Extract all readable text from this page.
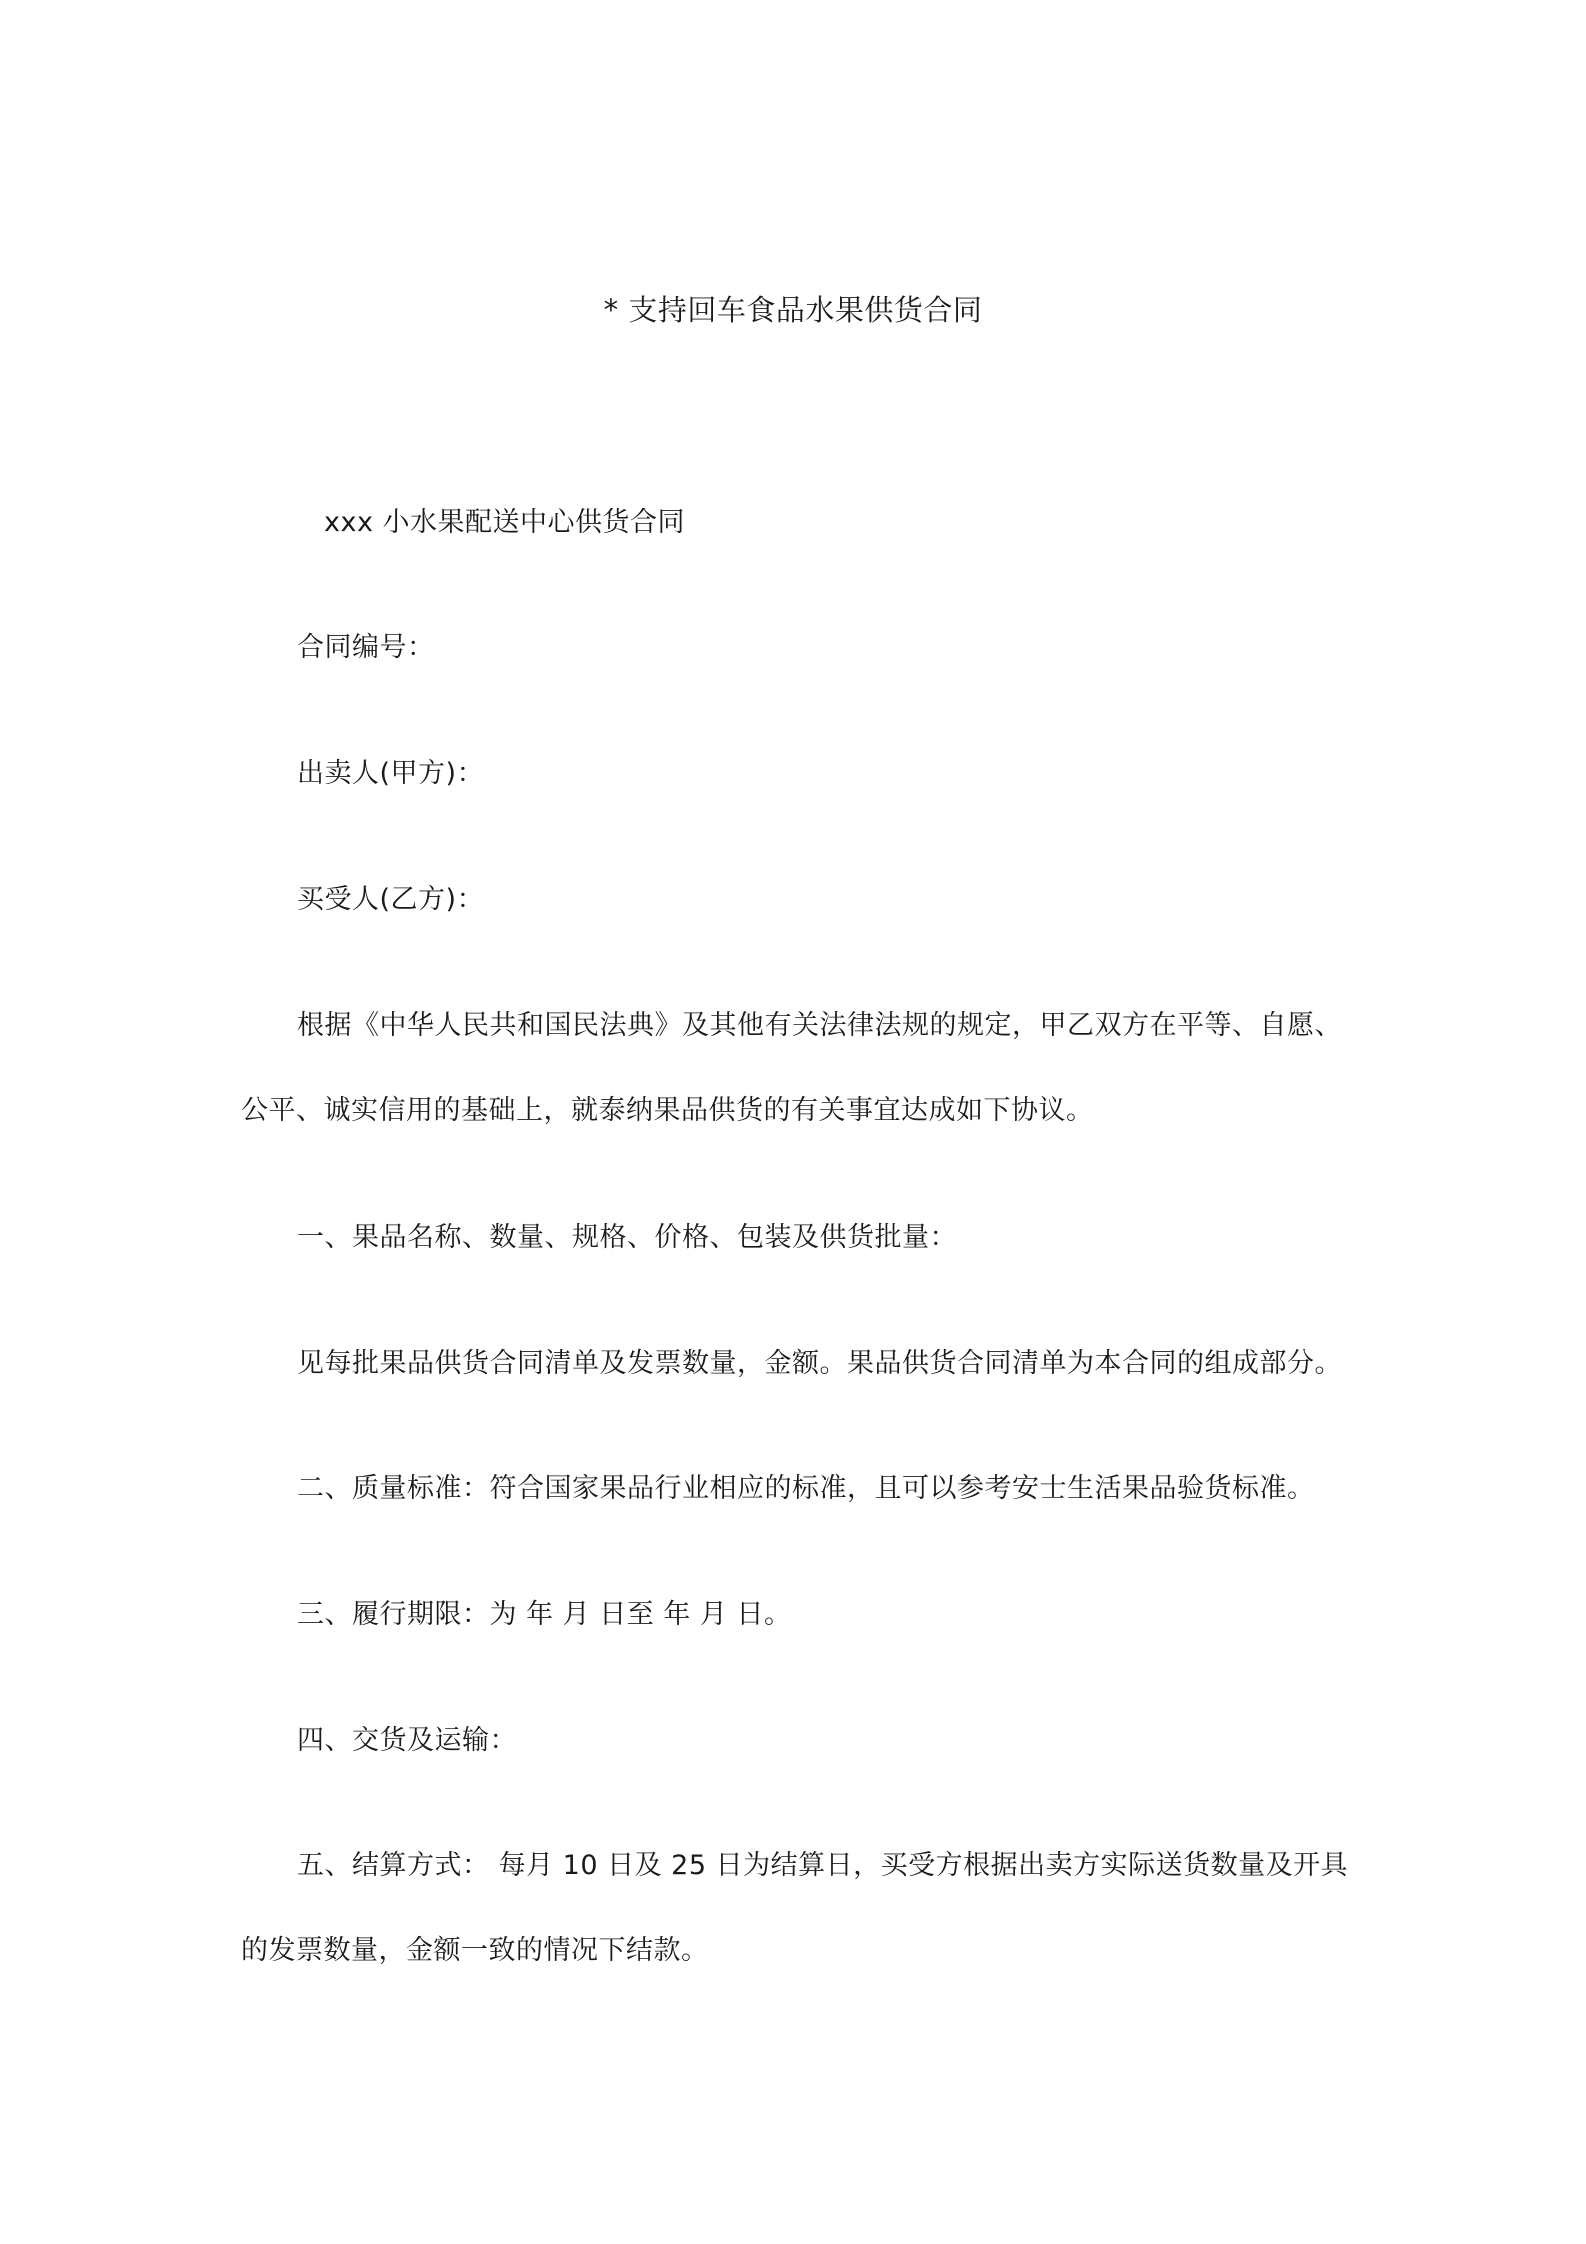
* 支持回车食品水果供货合同
xxx 小水果配送中心供货合同
合同编号：
出卖人(甲方)：
买受人(乙方)：
根据《中华人民共和国民法典》及其他有关法律法规的规定，甲乙双方在平等、自愿、
公平、诚实信用的基础上，就泰纳果品供货的有关事宜达成如下协议。
一、果品名称、数量、规格、价格、包装及供货批量：
见每批果品供货合同清单及发票数量，金额。果品供货合同清单为本合同的组成部分。
二、质量标准：符合国家果品行业相应的标准，且可以参考安士生活果品验货标准。
三、履行期限：为 年 月 日至 年 月 日。
四、交货及运输：
五、结算方式： 每月 10 日及 25 日为结算日，买受方根据出卖方实际送货数量及开具
的发票数量，金额一致的情况下结款。
